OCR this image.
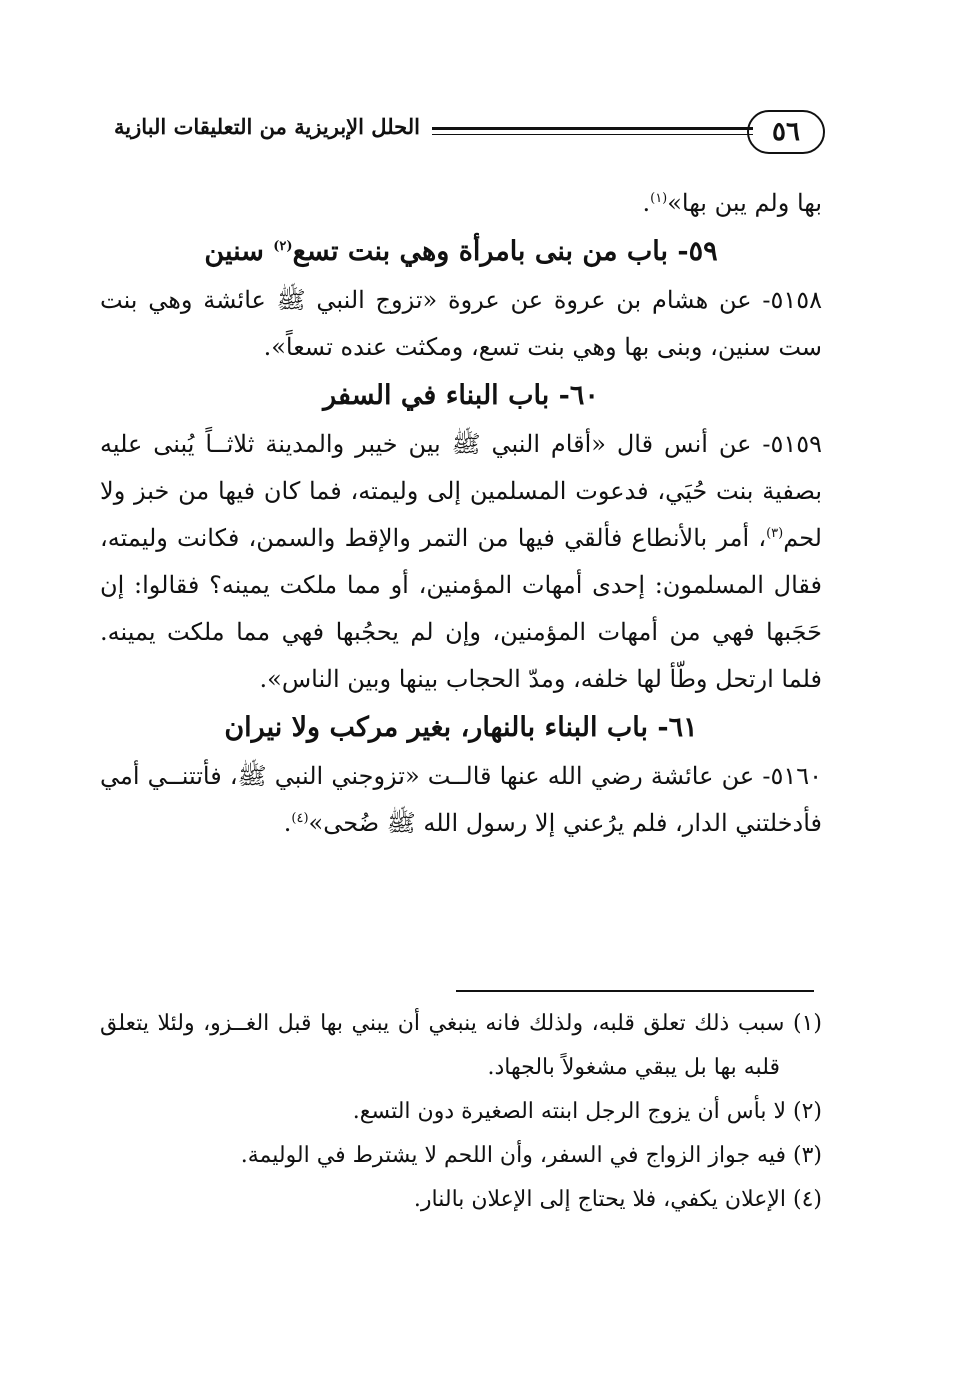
٥٦
الحلل الإبريزية من التعليقات البازية

بها ولم يبن بها»$^{(١)}$.

٥٩- باب من بنى بامرأة وهي بنت تسع$^{(٢)}$ سنين

٥١٥٨- عن هشام بن عروة عن عروة «تزوج النبي ﷺ عائشة وهي بنت ست سنين، وبنى بها وهي بنت تسع، ومكثت عنده تسعاً».

٦٠- باب البناء في السفر

٥١٥٩- عن أنس قال «أقام النبي ﷺ بين خيبر والمدينة ثلاثــاً يُبنى عليه بصفية بنت حُيَي، فدعوت المسلمين إلى وليمته، فما كان فيها من خبز ولا لحم$^{(٣)}$، أمر بالأنطاع فألقي فيها من التمر والإقط والسمن، فكانت وليمته، فقال المسلمون: إحدى أمهات المؤمنين، أو مما ملكت يمينه؟ فقالوا: إن حَجَبها فهي من أمهات المؤمنين، وإن لم يحجُبها فهي مما ملكت يمينه. فلما ارتحل وطّأ لها خلفه، ومدّ الحجاب بينها وبين الناس».

٦١- باب البناء بالنهار، بغير مركب ولا نيران

٥١٦٠- عن عائشة رضي الله عنها قالــت «تزوجني النبي ﷺ، فأتتنــي أمي فأدخلتني الدار، فلم يرُعني إلا رسول الله ﷺ ضُحى»$^{(٤)}$.

(١) سبب ذلك تعلق قلبه، ولذلك فانه ينبغي أن يبني بها قبل الغــزو، ولئلا يتعلق قلبه بها بل يبقي مشغولاً بالجهاد.

(٢) لا بأس أن يزوج الرجل ابنته الصغيرة دون التسع.

(٣) فيه جواز الزواج في السفر، وأن اللحم لا يشترط في الوليمة.

(٤) الإعلان يكفي، فلا يحتاج إلى الإعلان بالنار.
